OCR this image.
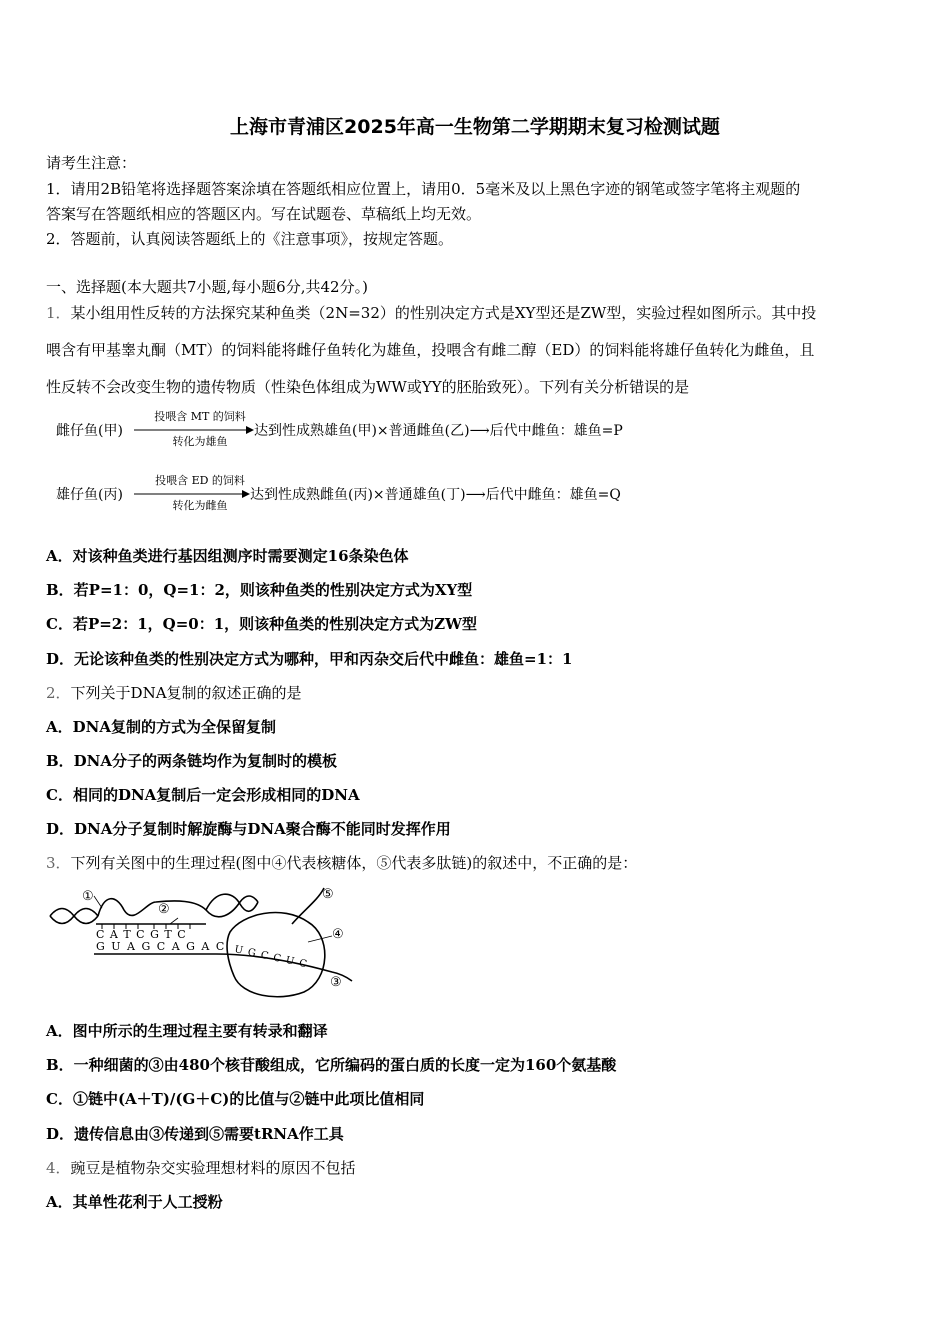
上海市青浦区2025年高一生物第二学期期末复习检测试题
请考生注意：
1．请用2B铅笔将选择题答案涂填在答题纸相应位置上，请用0．5毫米及以上黑色字迹的钢笔或签字笔将主观题的
答案写在答题纸相应的答题区内。写在试题卷、草稿纸上均无效。
2．答题前，认真阅读答题纸上的《注意事项》，按规定答题。
一、选择题(本大题共7小题,每小题6分,共42分。)
1．某小组用性反转的方法探究某种鱼类（2N=32）的性别决定方式是XY型还是ZW型，实验过程如图所示。其中投
喂含有甲基睾丸酮（MT）的饲料能将雌仔鱼转化为雄鱼，投喂含有雌二醇（ED）的饲料能将雄仔鱼转化为雌鱼，且
性反转不会改变生物的遗传物质（性染色体组成为WW或YY的胚胎致死）。下列有关分析错误的是
雌仔鱼(甲)
投喂含 MT 的饲料
转化为雄鱼
达到性成熟雄鱼(甲)×普通雌鱼(乙)⟶后代中雌鱼：雄鱼=P
雄仔鱼(丙)
投喂含 ED 的饲料
转化为雌鱼
达到性成熟雌鱼(丙)×普通雄鱼(丁)⟶后代中雌鱼：雄鱼=Q
A．对该种鱼类进行基因组测序时需要测定16条染色体
B．若P=1：0，Q=1：2，则该种鱼类的性别决定方式为XY型
C．若P=2：1，Q=0：1，则该种鱼类的性别决定方式为ZW型
D．无论该种鱼类的性别决定方式为哪种，甲和丙杂交后代中雌鱼：雄鱼=1：1
2．下列关于DNA复制的叙述正确的是
A．DNA复制的方式为全保留复制
B．DNA分子的两条链均作为复制时的模板
C．相同的DNA复制后一定会形成相同的DNA
D．DNA分子复制时解旋酶与DNA聚合酶不能同时发挥作用
3．下列有关图中的生理过程(图中④代表核糖体，⑤代表多肽链)的叙述中，不正确的是：
C A T C G T C
G U A G C A G A C U G C C U C
①
②
③
④
⑤
A．图中所示的生理过程主要有转录和翻译
B．一种细菌的③由480个核苷酸组成，它所编码的蛋白质的长度一定为160个氨基酸
C．①链中(A＋T)/(G＋C)的比值与②链中此项比值相同
D．遗传信息由③传递到⑤需要tRNA作工具
4．豌豆是植物杂交实验理想材料的原因不包括
A．其单性花利于人工授粉
